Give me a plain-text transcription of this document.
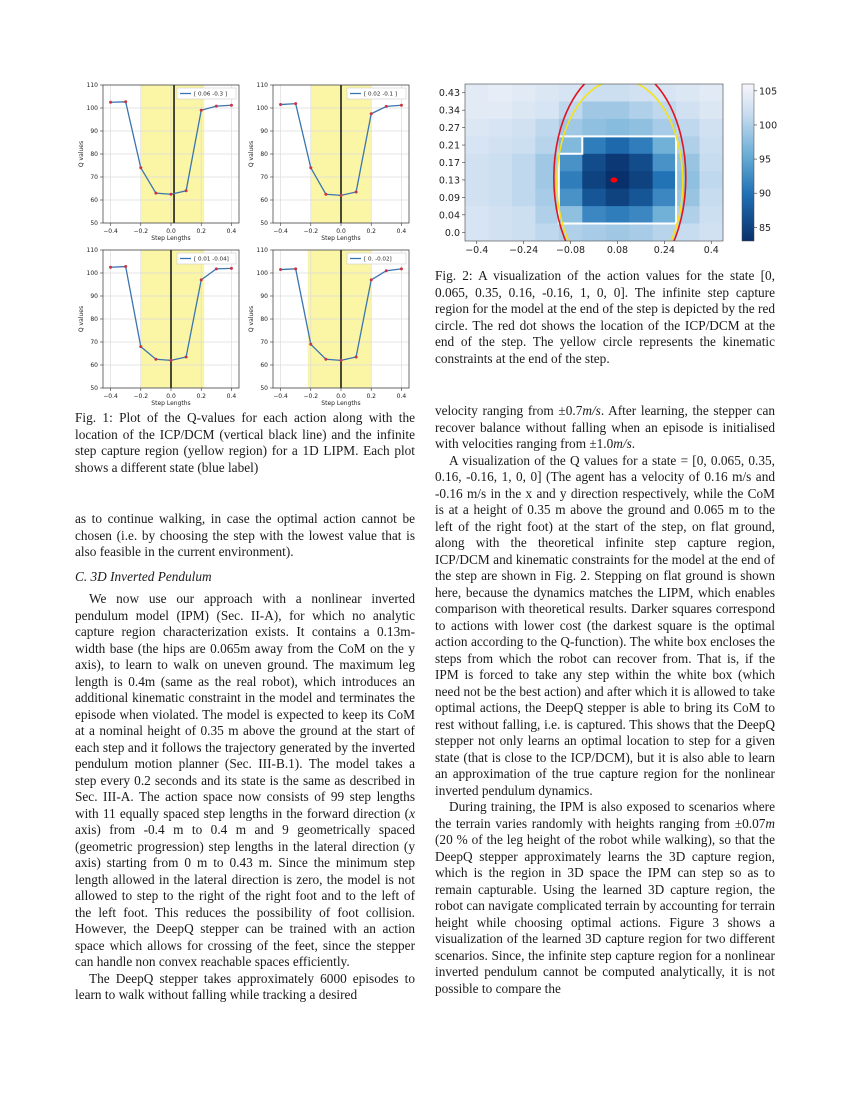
50
60
70
80
90
100
110
−0.4	−0.2	0.0	0.2	0.4
[ 0.06 -0.3 ]
Step Lengths
Q values
50
60
70
80
90
100
110
−0.4	−0.2	0.0	0.2	0.4
[ 0.02 -0.1 ]
Step Lengths
Q values
50
60
70
80
90
100
110
−0.4	−0.2	0.0	0.2	0.4
[ 0.01 -0.04]
Step Lengths
Q values
50
60
70
80
90
100
110
−0.4	−0.2	0.0	0.2	0.4
[ 0. -0.02]
Step Lengths
Q values
Fig. 1: Plot of the Q-values for each action along with the location of the ICP/DCM (vertical black line) and the infinite step capture region (yellow region) for a 1D LIPM. Each plot shows a different state (blue label)
0.43
0.34
0.27
0.21
0.17
0.13
0.09
0.04
0.0
−0.4 −0.24 −0.08 0.08	0.24	0.4
105
100
95
90
85
Fig. 2: A visualization of the action values for the state [0, 0.065, 0.35, 0.16, -0.16, 1, 0, 0]. The infinite step capture region for the model at the end of the step is depicted by the red circle. The red dot shows the location of the ICP/DCM at the end of the step. The yellow circle represents the kinematic constraints at the end of the step.

as to continue walking, in case the optimal action cannot be chosen (i.e. by choosing the step with the lowest value that is also feasible in the current environment).

C. 3D Inverted Pendulum

We now use our approach with a nonlinear inverted pendulum model (IPM) (Sec. II-A), for which no analytic capture region characterization exists. It contains a 0.13m-width base (the hips are 0.065m away from the CoM on the y axis), to learn to walk on uneven ground. The maximum leg length is 0.4m (same as the real robot), which introduces an additional kinematic constraint in the model and terminates the episode when violated. The model is expected to keep its CoM at a nominal height of 0.35 m above the ground at the start of each step and it follows the trajectory generated by the inverted pendulum motion planner (Sec. III-B.1). The model takes a step every 0.2 seconds and its state is the same as described in Sec. III-A. The action space now consists of 99 step lengths with 11 equally spaced step lengths in the forward direction (x axis) from -0.4 m to 0.4 m and 9 geometrically spaced (geometric progression) step lengths in the lateral direction (y axis) starting from 0 m to 0.43 m. Since the minimum step length allowed in the lateral direction is zero, the model is not allowed to step to the right of the right foot and to the left of the left foot. This reduces the possibility of foot collision. However, the DeepQ stepper can be trained with an action space which allows for crossing of the feet, since the stepper can handle non convex reachable spaces efficiently.

The DeepQ stepper takes approximately 6000 episodes to learn to walk without falling while tracking a desired

velocity ranging from ±0.7m/s. After learning, the stepper can recover balance without falling when an episode is initialised with velocities ranging from ±1.0m/s.

A visualization of the Q values for a state = [0, 0.065, 0.35, 0.16, -0.16, 1, 0, 0] (The agent has a velocity of 0.16 m/s and -0.16 m/s in the x and y direction respectively, while the CoM is at a height of 0.35 m above the ground and 0.065 m to the left of the right foot) at the start of the step, on flat ground, along with the theoretical infinite step capture region, ICP/DCM and kinematic constraints for the model at the end of the step are shown in Fig. 2. Stepping on flat ground is shown here, because the dynamics matches the LIPM, which enables comparison with theoretical results. Darker squares correspond to actions with lower cost (the darkest square is the optimal action according to the Q-function). The white box encloses the steps from which the robot can recover from. That is, if the IPM is forced to take any step within the white box (which need not be the best action) and after which it is allowed to take optimal actions, the DeepQ stepper is able to bring its CoM to rest without falling, i.e. is captured. This shows that the DeepQ stepper not only learns an optimal location to step for a given state (that is close to the ICP/DCM), but it is also able to learn an approximation of the true capture region for the nonlinear inverted pendulum dynamics.

During training, the IPM is also exposed to scenarios where the terrain varies randomly with heights ranging from ±0.07m (20 % of the leg height of the robot while walking), so that the DeepQ stepper approximately learns the 3D capture region, which is the region in 3D space the IPM can step so as to remain capturable. Using the learned 3D capture region, the robot can navigate complicated terrain by accounting for terrain height while choosing optimal actions. Figure 3 shows a visualization of the learned 3D capture region for two different scenarios. Since, the infinite step capture region for a nonlinear inverted pendulum cannot be computed analytically, it is not possible to compare the
